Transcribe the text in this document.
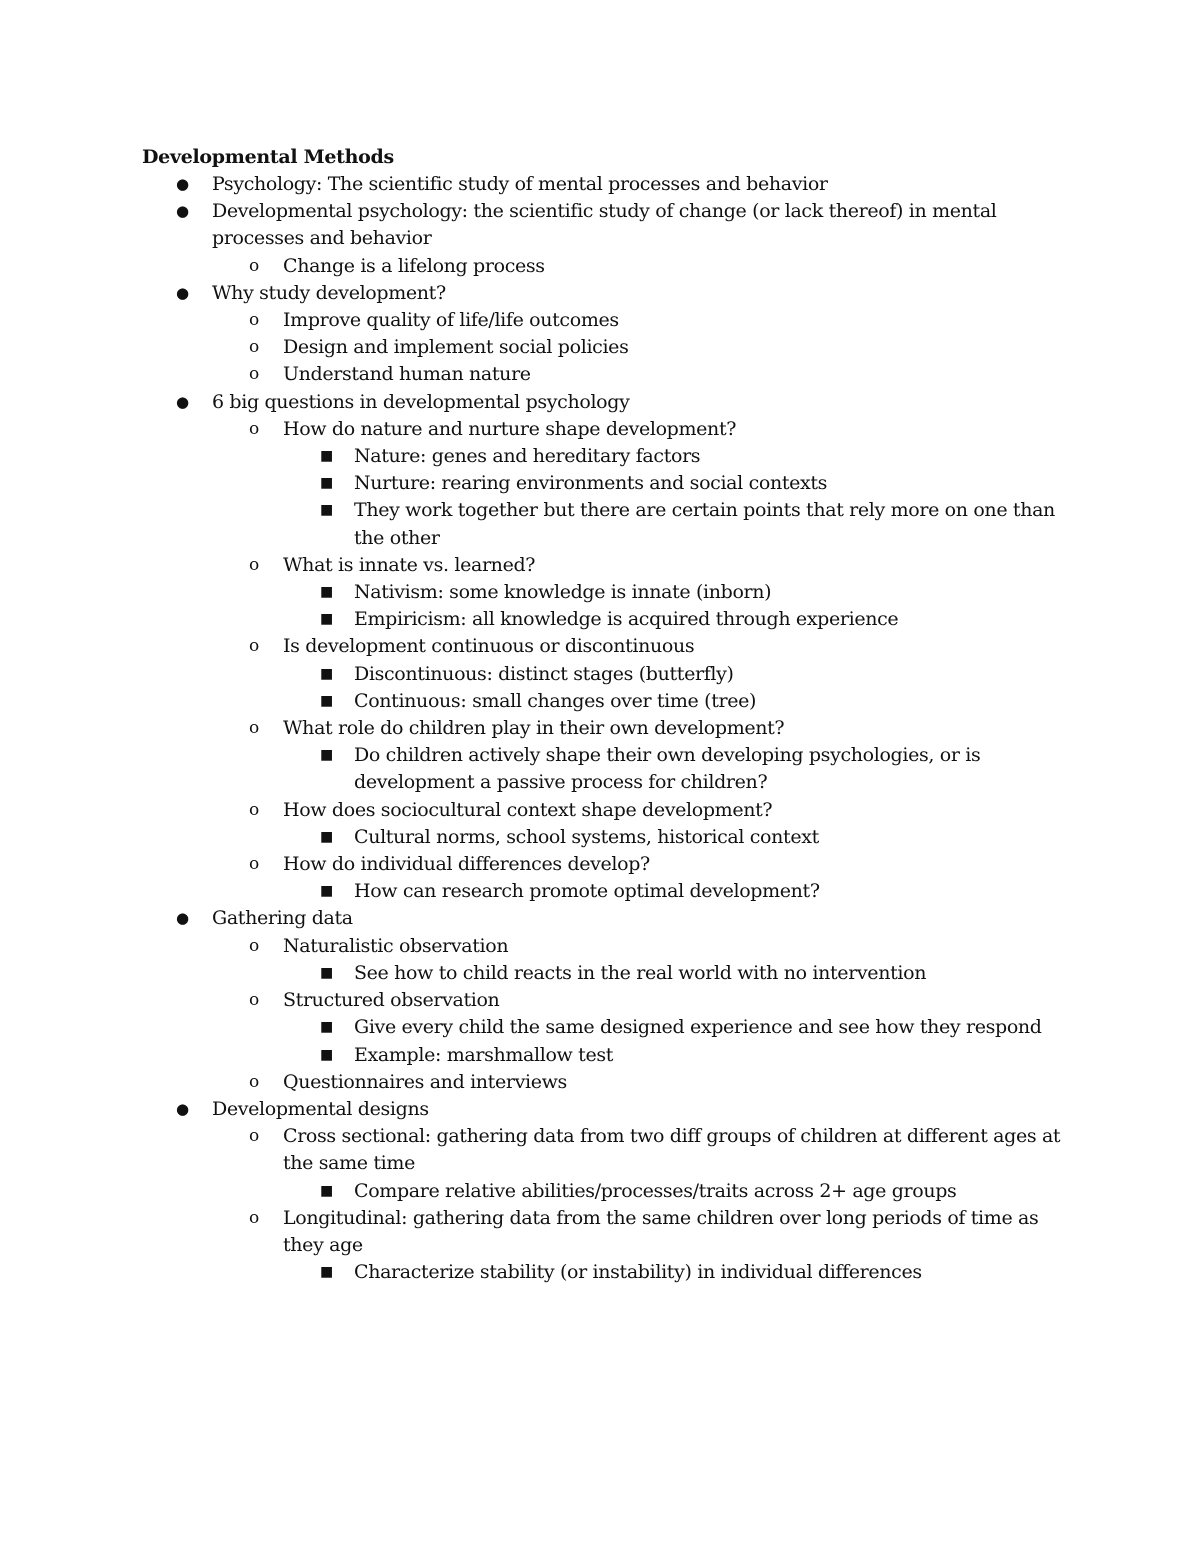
Developmental Methods
●	Psychology: The scientific study of mental processes and behavior
●	Developmental psychology: the scientific study of change (or lack thereof) in mental processes and behavior
o	Change is a lifelong process
●	Why study development?
o	Improve quality of life/life outcomes
o	Design and implement social policies
o	Understand human nature
●	6 big questions in developmental psychology
o	How do nature and nurture shape development?
■	Nature: genes and hereditary factors
■	Nurture: rearing environments and social contexts
■	They work together but there are certain points that rely more on one than the other
o	What is innate vs. learned?
■	Nativism: some knowledge is innate (inborn)
■	Empiricism: all knowledge is acquired through experience
o	Is development continuous or discontinuous
■	Discontinuous: distinct stages (butterfly)
■	Continuous: small changes over time (tree)
o	What role do children play in their own development?
■	Do children actively shape their own developing psychologies, or is development a passive process for children?
o	How does sociocultural context shape development?
■	Cultural norms, school systems, historical context
o	How do individual differences develop?
■	How can research promote optimal development?
●	Gathering data
o	Naturalistic observation
■	See how to child reacts in the real world with no intervention
o	Structured observation
■	Give every child the same designed experience and see how they respond
■	Example: marshmallow test
o	Questionnaires and interviews
●	Developmental designs
o	Cross sectional: gathering data from two diff groups of children at different ages at the same time
■	Compare relative abilities/processes/traits across 2+ age groups
o	Longitudinal: gathering data from the same children over long periods of time as they age
■	Characterize stability (or instability) in individual differences
